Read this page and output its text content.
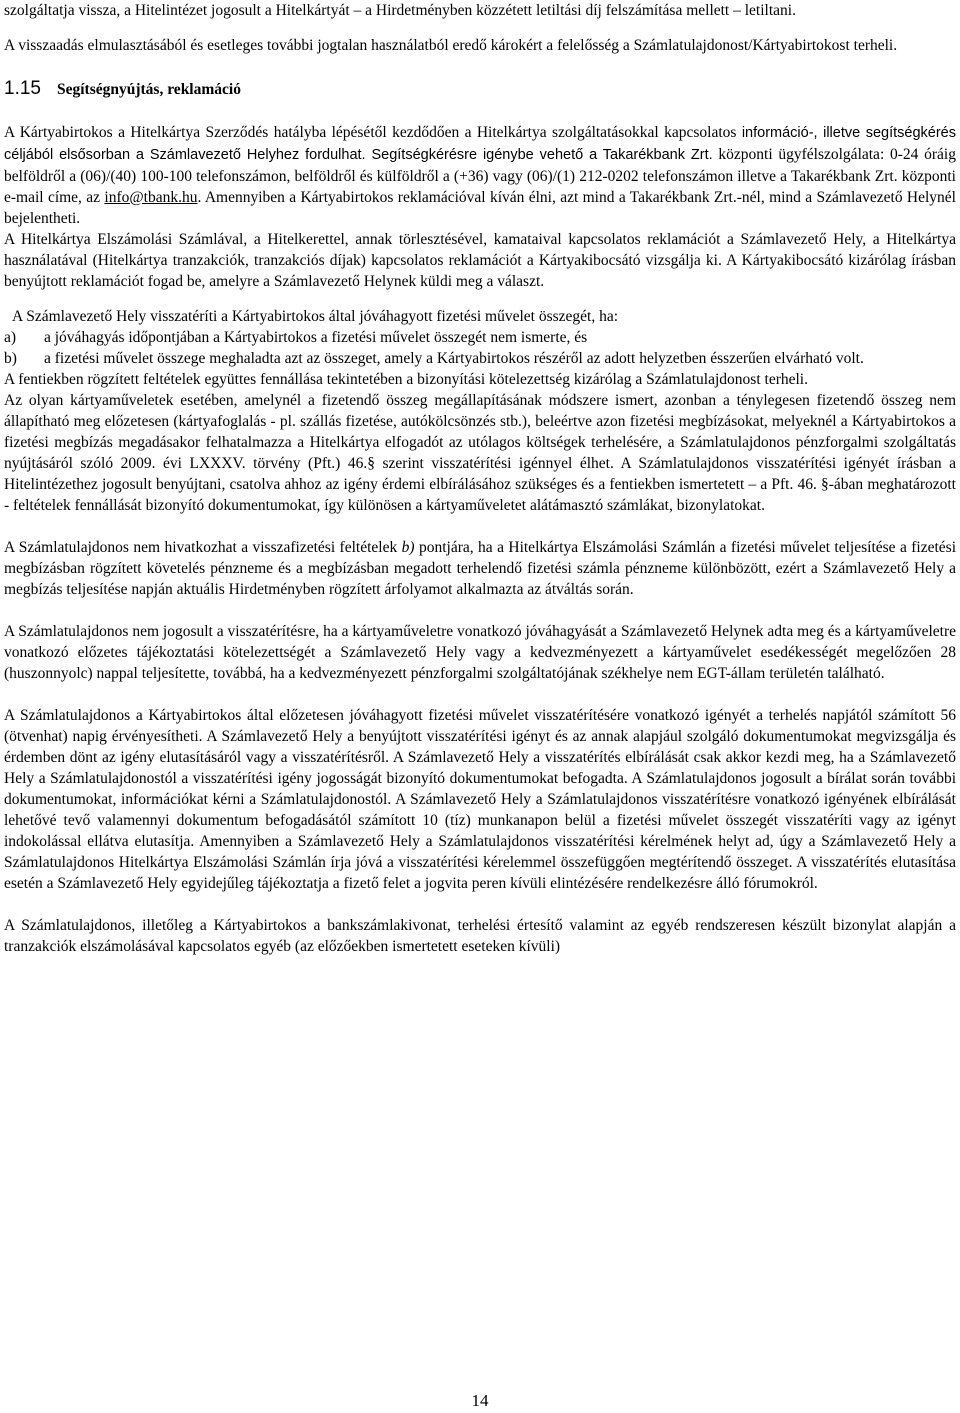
szolgáltatja vissza, a Hitelintézet jogosult a Hitelkártyát – a Hirdetményben közzétett letiltási díj felszámítása mellett – letiltani.

A visszaadás elmulasztásából és esetleges további jogtalan használatból eredő károkért a felelősség a Számlatulajdonost/Kártyabirtokost terheli.

1.15 Segítségnyújtás, reklamáció

A Kártyabirtokos a Hitelkártya Szerződés hatályba lépésétől kezdődően a Hitelkártya szolgáltatásokkal kapcsolatos információ-, illetve segítségkérés céljából elsősorban a Számlavezető Helyhez fordulhat. Segítségkérésre igénybe vehető a Takarékbank Zrt. központi ügyfélszolgálata: 0-24 óráig belföldről a (06)/(40) 100-100 telefonszámon, belföldről és külföldről a (+36) vagy (06)/(1) 212-0202 telefonszámon illetve a Takarékbank Zrt. központi e-mail címe, az info@tbank.hu. Amennyiben a Kártyabirtokos reklamációval kíván élni, azt mind a Takarékbank Zrt.-nél, mind a Számlavezető Helynél bejelentheti.

A Hitelkártya Elszámolási Számlával, a Hitelkerettel, annak törlesztésével, kamataival kapcsolatos reklamációt a Számlavezető Hely, a Hitelkártya használatával (Hitelkártya tranzakciók, tranzakciós díjak) kapcsolatos reklamációt a Kártyakibocsátó vizsgálja ki. A Kártyakibocsátó kizárólag írásban benyújtott reklamációt fogad be, amelyre a Számlavezető Helynek küldi meg a választ.

A Számlavezető Hely visszatéríti a Kártyabirtokos által jóváhagyott fizetési művelet összegét, ha:

a)	a jóváhagyás időpontjában a Kártyabirtokos a fizetési művelet összegét nem ismerte, és
b)	a fizetési művelet összege meghaladta azt az összeget, amely a Kártyabirtokos részéről az adott helyzetben ésszerűen elvárható volt.

A fentiekben rögzített feltételek együttes fennállása tekintetében a bizonyítási kötelezettség kizárólag a Számlatulajdonost terheli.

Az olyan kártyaműveletek esetében, amelynél a fizetendő összeg megállapításának módszere ismert, azonban a ténylegesen fizetendő összeg nem állapítható meg előzetesen (kártyafoglalás - pl. szállás fizetése, autókölcsönzés stb.), beleértve azon fizetési megbízásokat, melyeknél a Kártyabirtokos a fizetési megbízás megadásakor felhatalmazza a Hitelkártya elfogadót az utólagos költségek terhelésére, a Számlatulajdonos pénzforgalmi szolgáltatás nyújtásáról szóló 2009. évi LXXXV. törvény (Pft.) 46.§ szerint visszatérítési igénnyel élhet. A Számlatulajdonos visszatérítési igényét írásban a Hitelintézethez jogosult benyújtani, csatolva ahhoz az igény érdemi elbírálásához szükséges és a fentiekben ismertetett – a Pft. 46. §-ában meghatározott - feltételek fennállását bizonyító dokumentumokat, így különösen a kártyaműveletet alátámasztó számlákat, bizonylatokat.

A Számlatulajdonos nem hivatkozhat a visszafizetési feltételek b) pontjára, ha a Hitelkártya Elszámolási Számlán a fizetési művelet teljesítése a fizetési megbízásban rögzített követelés pénzneme és a megbízásban megadott terhelendő fizetési számla pénzneme különbözött, ezért a Számlavezető Hely a megbízás teljesítése napján aktuális Hirdetményben rögzített árfolyamot alkalmazta az átváltás során.

A Számlatulajdonos nem jogosult a visszatérítésre, ha a kártyaműveletre vonatkozó jóváhagyását a Számlavezető Helynek adta meg és a kártyaműveletre vonatkozó előzetes tájékoztatási kötelezettségét a Számlavezető Hely vagy a kedvezményezett a kártyaművelet esedékességét megelőzően 28 (huszonnyolc) nappal teljesítette, továbbá, ha a kedvezményezett pénzforgalmi szolgáltatójának székhelye nem EGT-állam területén található.

A Számlatulajdonos a Kártyabirtokos által előzetesen jóváhagyott fizetési művelet visszatérítésére vonatkozó igényét a terhelés napjától számított 56 (ötvenhat) napig érvényesítheti. A Számlavezető Hely a benyújtott visszatérítési igényt és az annak alapjául szolgáló dokumentumokat megvizsgálja és érdemben dönt az igény elutasításáról vagy a visszatérítésről. A Számlavezető Hely a visszatérítés elbírálását csak akkor kezdi meg, ha a Számlavezető Hely a Számlatulajdonostól a visszatérítési igény jogosságát bizonyító dokumentumokat befogadta. A Számlatulajdonos jogosult a bírálat során további dokumentumokat, információkat kérni a Számlatulajdonostól. A Számlavezető Hely a Számlatulajdonos visszatérítésre vonatkozó igényének elbírálását lehetővé tevő valamennyi dokumentum befogadásától számított 10 (tíz) munkanapon belül a fizetési művelet összegét visszatéríti vagy az igényt indokolással ellátva elutasítja. Amennyiben a Számlavezető Hely a Számlatulajdonos visszatérítési kérelmének helyt ad, úgy a Számlavezető Hely a Számlatulajdonos Hitelkártya Elszámolási Számlán írja jóvá a visszatérítési kérelemmel összefüggően megtérítendő összeget. A visszatérítés elutasítása esetén a Számlavezető Hely egyidejűleg tájékoztatja a fizető felet a jogvita peren kívüli elintézésére rendelkezésre álló fórumokról.

A Számlatulajdonos, illetőleg a Kártyabirtokos a bankszámlakivonat, terhelési értesítő valamint az egyéb rendszeresen készült bizonylat alapján a tranzakciók elszámolásával kapcsolatos egyéb (az előzőekben ismertetett eseteken kívüli)

14
